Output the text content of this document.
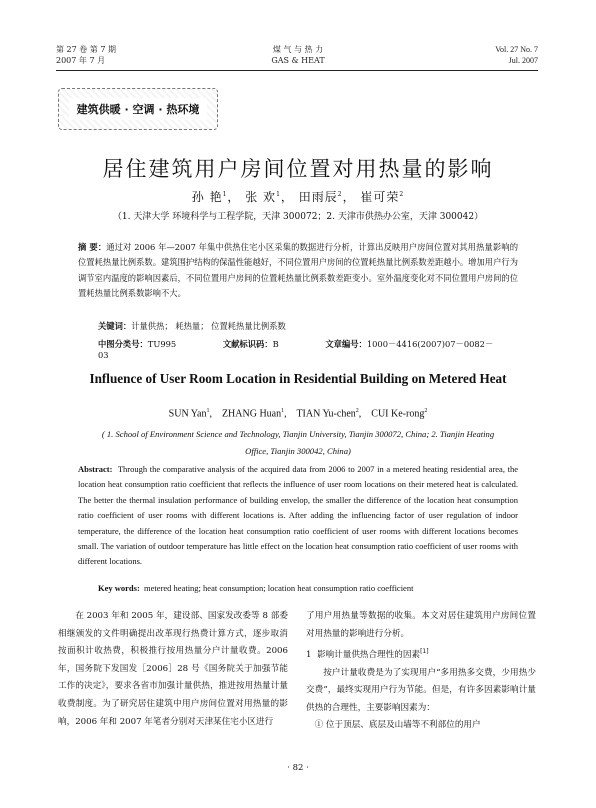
第 27 卷 第 7 期
2007 年 7 月
煤 气 与 热 力
GAS & HEAT
Vol. 27 No. 7
Jul. 2007
建筑供暖 · 空调 · 热环境
居住建筑用户房间位置对用热量的影响
孙 艳$^1$， 张 欢$^1$， 田雨辰$^2$， 崔可荣$^2$
（1. 天津大学 环境科学与工程学院，天津 300072；2. 天津市供热办公室，天津 300042）
摘 要：通过对 2006 年—2007 年集中供热住宅小区采集的数据进行分析，计算出反映用户房间位置对其用热量影响的位置耗热量比例系数。建筑围护结构的保温性能越好，不同位置用户房间的位置耗热量比例系数差距越小。增加用户行为调节室内温度的影响因素后，不同位置用户房间的位置耗热量比例系数差距变小。室外温度变化对不同位置用户房间的位置耗热量比例系数影响不大。
关键词：计量供热； 耗热量； 位置耗热量比例系数
中图分类号：TU995	文献标识码：B	文章编号：1000－4416(2007)07－0082－03
Influence of User Room Location in Residential Building on Metered Heat
SUN Yan$^1$,    ZHANG Huan$^1$,    TIAN Yu-chen$^2$,    CUI Ke-rong$^2$
( 1. School of Environment Science and Technology, Tianjin University, Tianjin 300072, China; 2. Tianjin Heating Office, Tianjin 300042, China)
Abstract: Through the comparative analysis of the acquired data from 2006 to 2007 in a metered heating residential area, the location heat consumption ratio coefficient that reflects the influence of user room locations on their metered heat is calculated. The better the thermal insulation performance of building envelop, the smaller the difference of the location heat consumption ratio coefficient of user rooms with different locations is. After adding the influencing factor of user regulation of indoor temperature, the difference of the location heat consumption ratio coefficient of user rooms with different locations becomes small. The variation of outdoor temperature has little effect on the location heat consumption ratio coefficient of user rooms with different locations.
Key words: metered heating; heat consumption; location heat consumption ratio coefficient

在 2003 年和 2005 年，建设部、国家发改委等 8 部委相继颁发的文件明确提出改革现行热费计算方式，逐步取消按面积计收热费，积极推行按用热量分户计量收费。2006 年，国务院下发国发［2006］28 号《国务院关于加强节能工作的决定》，要求各省市加强计量供热，推进按用热量计量收费制度。为了研究居住建筑中用户房间位置对用热量的影响，2006 年和 2007 年笔者分别对天津某住宅小区进行

了用户用热量等数据的收集。本文对居住建筑用户房间位置对用热量的影响进行分析。

1 影响计量供热合理性的因素[1]

按户计量收费是为了实现用户“多用热多交费，少用热少交费”，最终实现用户行为节能。但是，有许多因素影响计量供热的合理性，主要影响因素为：

① 位于顶层、底层及山墙等不利部位的用户

· 82 ·
